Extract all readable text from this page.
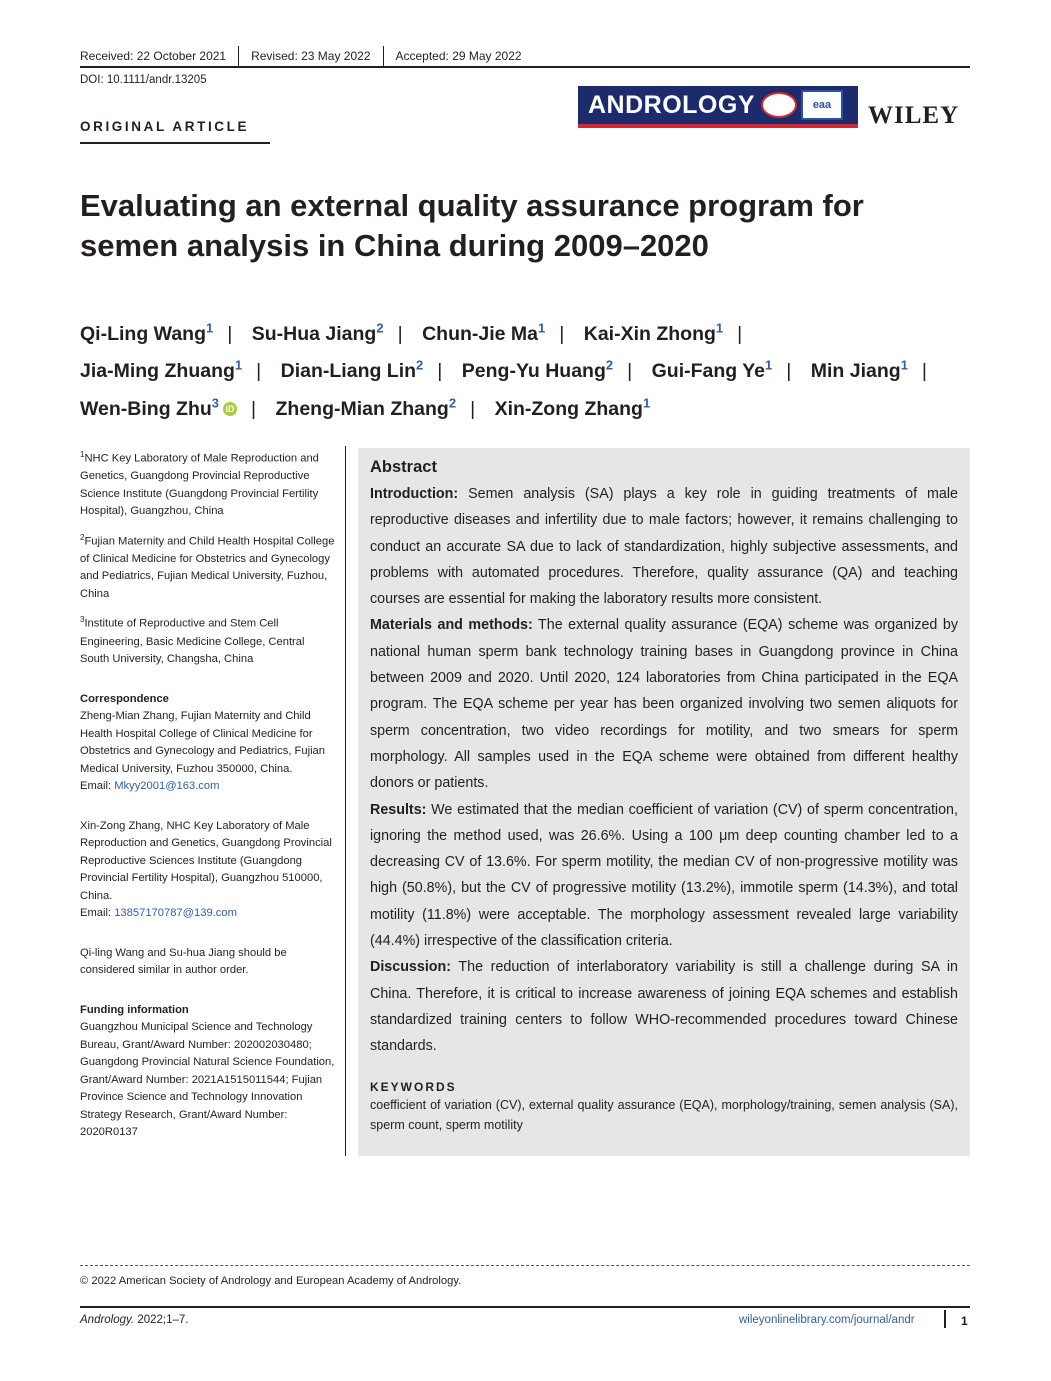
Received: 22 October 2021 Revised: 23 May 2022 Accepted: 29 May 2022
DOI: 10.1111/andr.13205
ORIGINAL ARTICLE
ANDROLOGY	eaa	WILEY
Evaluating an external quality assurance program for semen analysis in China during 2009–2020
Qi-Ling Wang$^1$ | Su-Hua Jiang$^2$ | Chun-Jie Ma$^1$ | Kai-Xin Zhong$^1$ |
Jia-Ming Zhuang$^1$ | Dian-Liang Lin$^2$ | Peng-Yu Huang$^2$ | Gui-Fang Ye$^1$ | Min Jiang$^1$ |
Wen-Bing Zhu$^3$ iD | Zheng-Mian Zhang$^2$ | Xin-Zong Zhang$^1$

$^1$NHC Key Laboratory of Male Reproduction and Genetics, Guangdong Provincial Reproductive Science Institute (Guangdong Provincial Fertility Hospital), Guangzhou, China

$^2$Fujian Maternity and Child Health Hospital College of Clinical Medicine for Obstetrics and Gynecology and Pediatrics, Fujian Medical University, Fuzhou, China

$^3$Institute of Reproductive and Stem Cell Engineering, Basic Medicine College, Central South University, Changsha, China

Correspondence

Zheng-Mian Zhang, Fujian Maternity and Child Health Hospital College of Clinical Medicine for Obstetrics and Gynecology and Pediatrics, Fujian Medical University, Fuzhou 350000, China.
Email: Mkyy2001@163.com

Xin-Zong Zhang, NHC Key Laboratory of Male Reproduction and Genetics, Guangdong Provincial Reproductive Sciences Institute (Guangdong Provincial Fertility Hospital), Guangzhou 510000, China.
Email: 13857170787@139.com

Qi-ling Wang and Su-hua Jiang should be considered similar in author order.

Funding information

Guangzhou Municipal Science and Technology Bureau, Grant/Award Number: 202002030480; Guangdong Provincial Natural Science Foundation, Grant/Award Number: 2021A1515011544; Fujian Province Science and Technology Innovation Strategy Research, Grant/Award Number: 2020R0137

Abstract

Introduction: Semen analysis (SA) plays a key role in guiding treatments of male reproductive diseases and infertility due to male factors; however, it remains challenging to conduct an accurate SA due to lack of standardization, highly subjective assessments, and problems with automated procedures. Therefore, quality assurance (QA) and teaching courses are essential for making the laboratory results more consistent.

Materials and methods: The external quality assurance (EQA) scheme was organized by national human sperm bank technology training bases in Guangdong province in China between 2009 and 2020. Until 2020, 124 laboratories from China participated in the EQA program. The EQA scheme per year has been organized involving two semen aliquots for sperm concentration, two video recordings for motility, and two smears for sperm morphology. All samples used in the EQA scheme were obtained from different healthy donors or patients.

Results: We estimated that the median coefficient of variation (CV) of sperm concentration, ignoring the method used, was 26.6%. Using a 100 μm deep counting chamber led to a decreasing CV of 13.6%. For sperm motility, the median CV of non-progressive motility was high (50.8%), but the CV of progressive motility (13.2%), immotile sperm (14.3%), and total motility (11.8%) were acceptable. The morphology assessment revealed large variability (44.4%) irrespective of the classification criteria.

Discussion: The reduction of interlaboratory variability is still a challenge during SA in China. Therefore, it is critical to increase awareness of joining EQA schemes and establish standardized training centers to follow WHO-recommended procedures toward Chinese standards.

KEYWORDS
coefficient of variation (CV), external quality assurance (EQA), morphology/training, semen analysis (SA), sperm count, sperm motility
© 2022 American Society of Andrology and European Academy of Andrology.
Andrology. 2022;1–7.	wileyonlinelibrary.com/journal/andr	1
